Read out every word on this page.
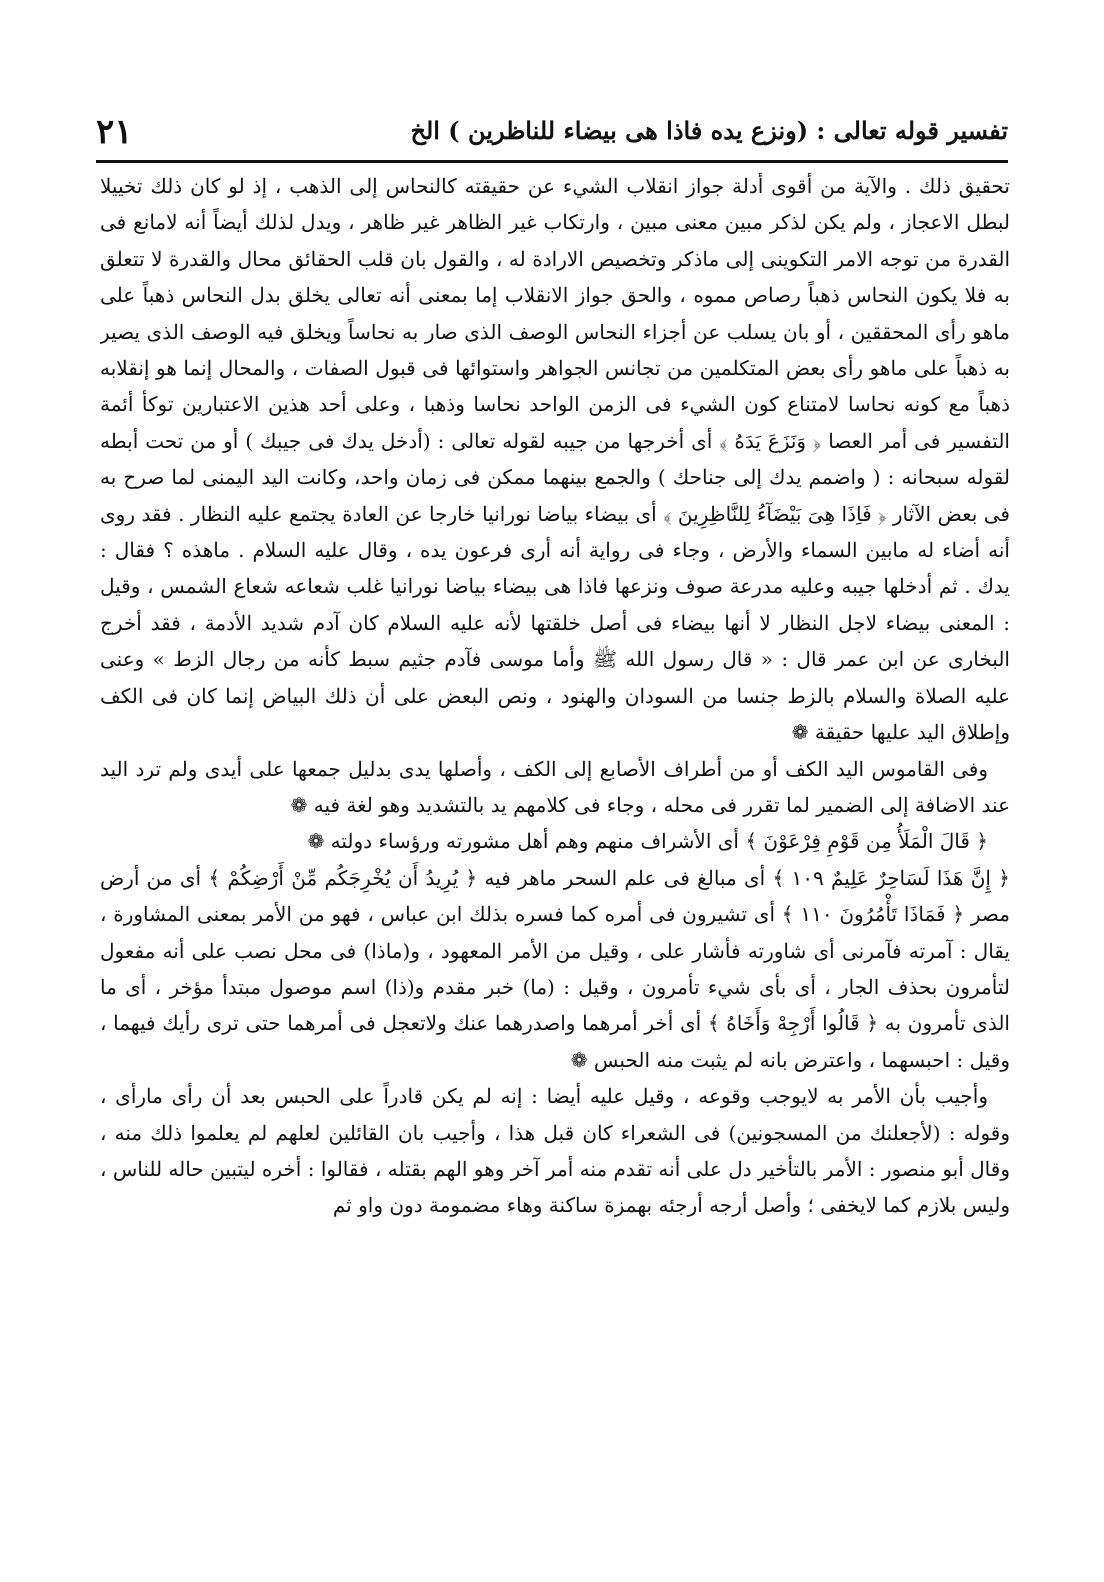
تفسير قوله تعالى : (ونزع يده فاذا هى بيضاء للناظرين ) الخ
٢١

تحقيق ذلك . والآية من أقوى أدلة جواز انقلاب الشيء عن حقيقته كالنحاس إلى الذهب ، إذ لو كان ذلك تخييلا لبطل الاعجاز ، ولم يكن لذكر مبين معنى مبين ، وارتكاب غير الظاهر غير ظاهر ، ويدل لذلك أيضاً أنه لامانع فى القدرة من توجه الامر التكوينى إلى ماذكر وتخصيص الارادة له ، والقول بان قلب الحقائق محال والقدرة لا تتعلق به فلا يكون النحاس ذهباً رصاص مموه ، والحق جواز الانقلاب إما بمعنى أنه تعالى يخلق بدل النحاس ذهباً على ماهو رأى المحققين ، أو بان يسلب عن أجزاء النحاس الوصف الذى صار به نحاساً ويخلق فيه الوصف الذى يصير به ذهباً على ماهو رأى بعض المتكلمين من تجانس الجواهر واستوائها فى قبول الصفات ، والمحال إنما هو إنقلابه ذهباً مع كونه نحاسا لامتناع كون الشيء فى الزمن الواحد نحاسا وذهبا ، وعلى أحد هذين الاعتبارين توكأ أئمة التفسير فى أمر العصا ﴿ وَنَزَعَ يَدَهُ ﴾ أى أخرجها من جيبه لقوله تعالى : (أدخل يدك فى جيبك ) أو من تحت أبطه لقوله سبحانه : ( واضمم يدك إلى جناحك ) والجمع بينهما ممكن فى زمان واحد، وكانت اليد اليمنى لما صرح به فى بعض الآثار ﴿ فَاِذَا هِىَ بَيْضَآءُ لِلنَّاظِرِينَ ﴾ أى بيضاء بياضا نورانيا خارجا عن العادة يجتمع عليه النظار . فقد روى أنه أضاء له مابين السماء والأرض ، وجاء فى رواية أنه أرى فرعون يده ، وقال عليه السلام . ماهذه ؟ فقال : يدك . ثم أدخلها جيبه وعليه مدرعة صوف ونزعها فاذا هى بيضاء بياضا نورانيا غلب شعاعه شعاع الشمس ، وقيل : المعنى بيضاء لاجل النظار لا أنها بيضاء فى أصل خلقتها لأنه عليه السلام كان آدم شديد الأدمة ، فقد أخرج البخارى عن ابن عمر قال : « قال رسول الله ﷺ وأما موسى فآدم جثيم سبط كأنه من رجال الزط » وعنى عليه الصلاة والسلام بالزط جنسا من السودان والهنود ، ونص البعض على أن ذلك البياض إنما كان فى الكف وإطلاق اليد عليها حقيقة ❁

وفى القاموس اليد الكف أو من أطراف الأصابع إلى الكف ، وأصلها يدى بدليل جمعها على أيدى ولم ترد اليد عند الاضافة إلى الضمير لما تقرر فى محله ، وجاء فى كلامهم يد بالتشديد وهو لغة فيه ❁

﴿ قَالَ الْمَلَأُ مِن قَوْمِ فِرْعَوْنَ ﴾ أى الأشراف منهم وهم أهل مشورته ورؤساء دولته ❁

﴿ إِنَّ هَذَا لَسَاحِرٌ عَلِيمٌ ١٠٩ ﴾ أى مبالغ فى علم السحر ماهر فيه ﴿ يُرِيدُ أَن يُخْرِجَكُم مِّنْ أَرْضِكُمْ ﴾ أى من أرض مصر ﴿ فَمَاذَا تَأْمُرُونَ ١١٠ ﴾ أى تشيرون فى أمره كما فسره بذلك ابن عباس ، فهو من الأمر بمعنى المشاورة ، يقال : آمرته فآمرنى أى شاورته فأشار على ، وقيل من الأمر المعهود ، و(ماذا) فى محل نصب على أنه مفعول لتأمرون بحذف الجار ، أى بأى شيء تأمرون ، وقيل : (ما) خبر مقدم و(ذا) اسم موصول مبتدأ مؤخر ، أى ما الذى تأمرون به ﴿ قَالُوا أَرْجِهْ وَأَخَاهُ ﴾ أى أخر أمرهما واصدرهما عنك ولاتعجل فى أمرهما حتى ترى رأيك فيهما ، وقيل : احبسهما ، واعترض بانه لم يثبت منه الحبس ❁

وأجيب بأن الأمر به لايوجب وقوعه ، وقيل عليه أيضا : إنه لم يكن قادراً على الحبس بعد أن رأى مارأى ، وقوله : (لأجعلنك من المسجونين) فى الشعراء كان قبل هذا ، وأجيب بان القائلين لعلهم لم يعلموا ذلك منه ، وقال أبو منصور : الأمر بالتأخير دل على أنه تقدم منه أمر آخر وهو الهم بقتله ، فقالوا : أخره ليتبين حاله للناس ، وليس بلازم كما لايخفى ؛ وأصل أرجه أرجئه بهمزة ساكنة وهاء مضمومة دون واو ثم
